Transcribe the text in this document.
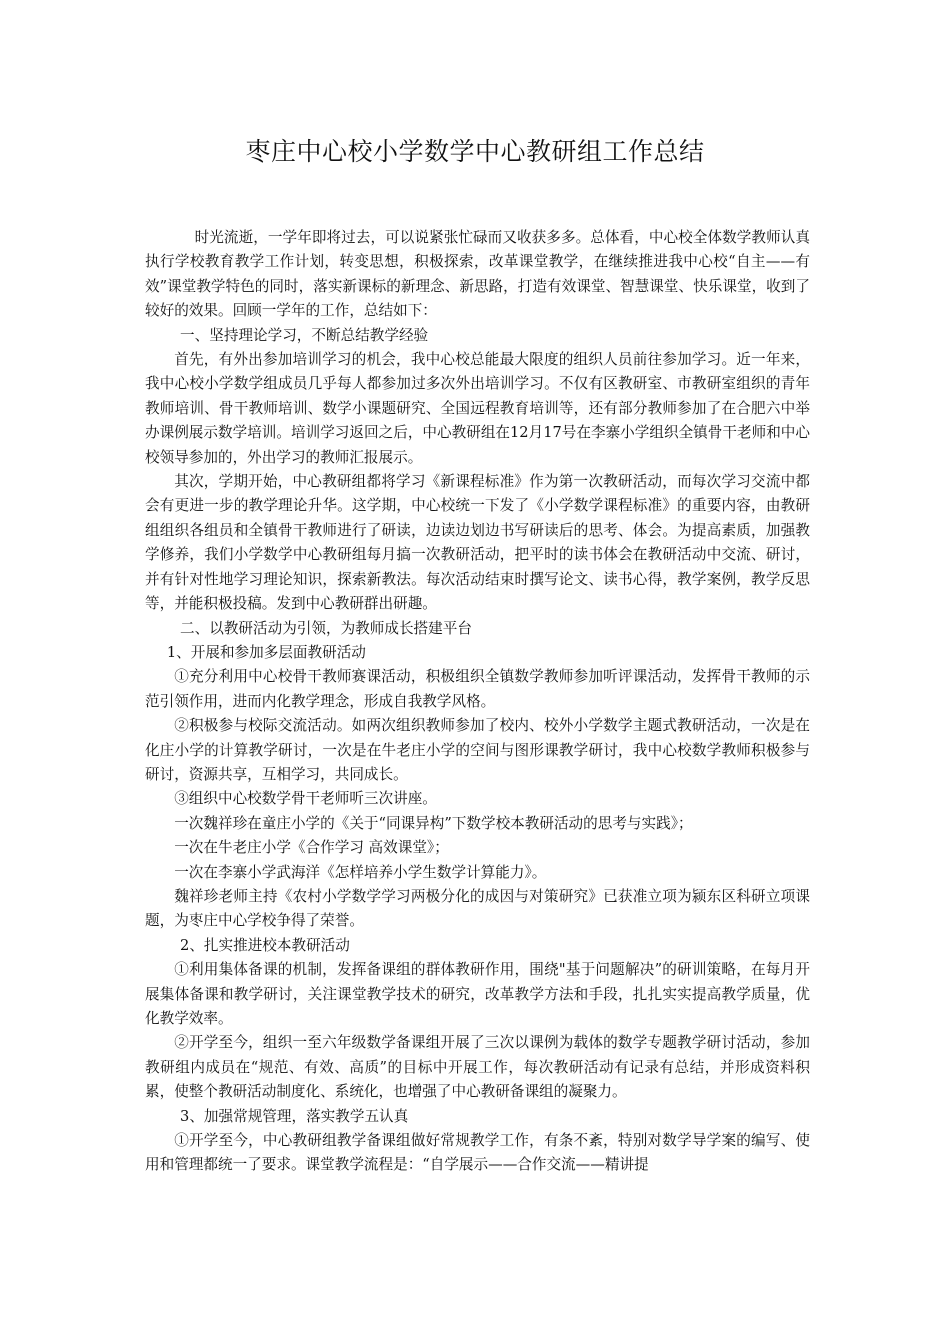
枣庄中心校小学数学中心教研组工作总结

时光流逝，一学年即将过去，可以说紧张忙碌而又收获多多。总体看，中心校全体数学教师认真执行学校教育教学工作计划，转变思想，积极探索，改革课堂教学，在继续推进我中心校“自主——有效”课堂教学特色的同时，落实新课标的新理念、新思路，打造有效课堂、智慧课堂、快乐课堂，收到了较好的效果。回顾一学年的工作，总结如下：

一、坚持理论学习，不断总结教学经验

首先，有外出参加培训学习的机会，我中心校总能最大限度的组织人员前往参加学习。近一年来，我中心校小学数学组成员几乎每人都参加过多次外出培训学习。不仅有区教研室、市教研室组织的青年教师培训、骨干教师培训、数学小课题研究、全国远程教育培训等，还有部分教师参加了在合肥六中举办课例展示数学培训。培训学习返回之后，中心教研组在12月17号在李寨小学组织全镇骨干老师和中心校领导参加的，外出学习的教师汇报展示。

其次，学期开始，中心教研组都将学习《新课程标准》作为第一次教研活动，而每次学习交流中都会有更进一步的教学理论升华。这学期，中心校统一下发了《小学数学课程标准》的重要内容，由教研组组织各组员和全镇骨干教师进行了研读，边读边划边书写研读后的思考、体会。为提高素质，加强教学修养，我们小学数学中心教研组每月搞一次教研活动，把平时的读书体会在教研活动中交流、研讨，并有针对性地学习理论知识，探索新教法。每次活动结束时撰写论文、读书心得，教学案例，教学反思等，并能积极投稿。发到中心教研群出研趣。

二、以教研活动为引领，为教师成长搭建平台

1、开展和参加多层面教研活动

①充分利用中心校骨干教师赛课活动，积极组织全镇数学教师参加听评课活动，发挥骨干教师的示范引领作用，进而内化教学理念，形成自我教学风格。

②积极参与校际交流活动。如两次组织教师参加了校内、校外小学数学主题式教研活动，一次是在化庄小学的计算教学研讨，一次是在牛老庄小学的空间与图形课教学研讨，我中心校数学教师积极参与研讨，资源共享，互相学习，共同成长。

③组织中心校数学骨干老师听三次讲座。

一次魏祥珍在童庄小学的《关于“同课异构”下数学校本教研活动的思考与实践》；

一次在牛老庄小学《合作学习 高效课堂》；

一次在李寨小学武海洋《怎样培养小学生数学计算能力》。

魏祥珍老师主持《农村小学数学学习两极分化的成因与对策研究》已获准立项为颍东区科研立项课题，为枣庄中心学校争得了荣誉。

2、扎实推进校本教研活动

①利用集体备课的机制，发挥备课组的群体教研作用，围绕"基于问题解决”的研训策略，在每月开展集体备课和教学研讨，关注课堂教学技术的研究，改革教学方法和手段，扎扎实实提高教学质量，优化教学效率。

②开学至今，组织一至六年级数学备课组开展了三次以课例为载体的数学专题教学研讨活动，参加教研组内成员在“规范、有效、高质”的目标中开展工作，每次教研活动有记录有总结，并形成资料积累，使整个教研活动制度化、系统化，也增强了中心教研备课组的凝聚力。

3、加强常规管理，落实教学五认真

①开学至今，中心教研组教学备课组做好常规教学工作，有条不紊，特别对数学导学案的编写、使用和管理都统一了要求。课堂教学流程是：“自学展示——合作交流——精讲提
